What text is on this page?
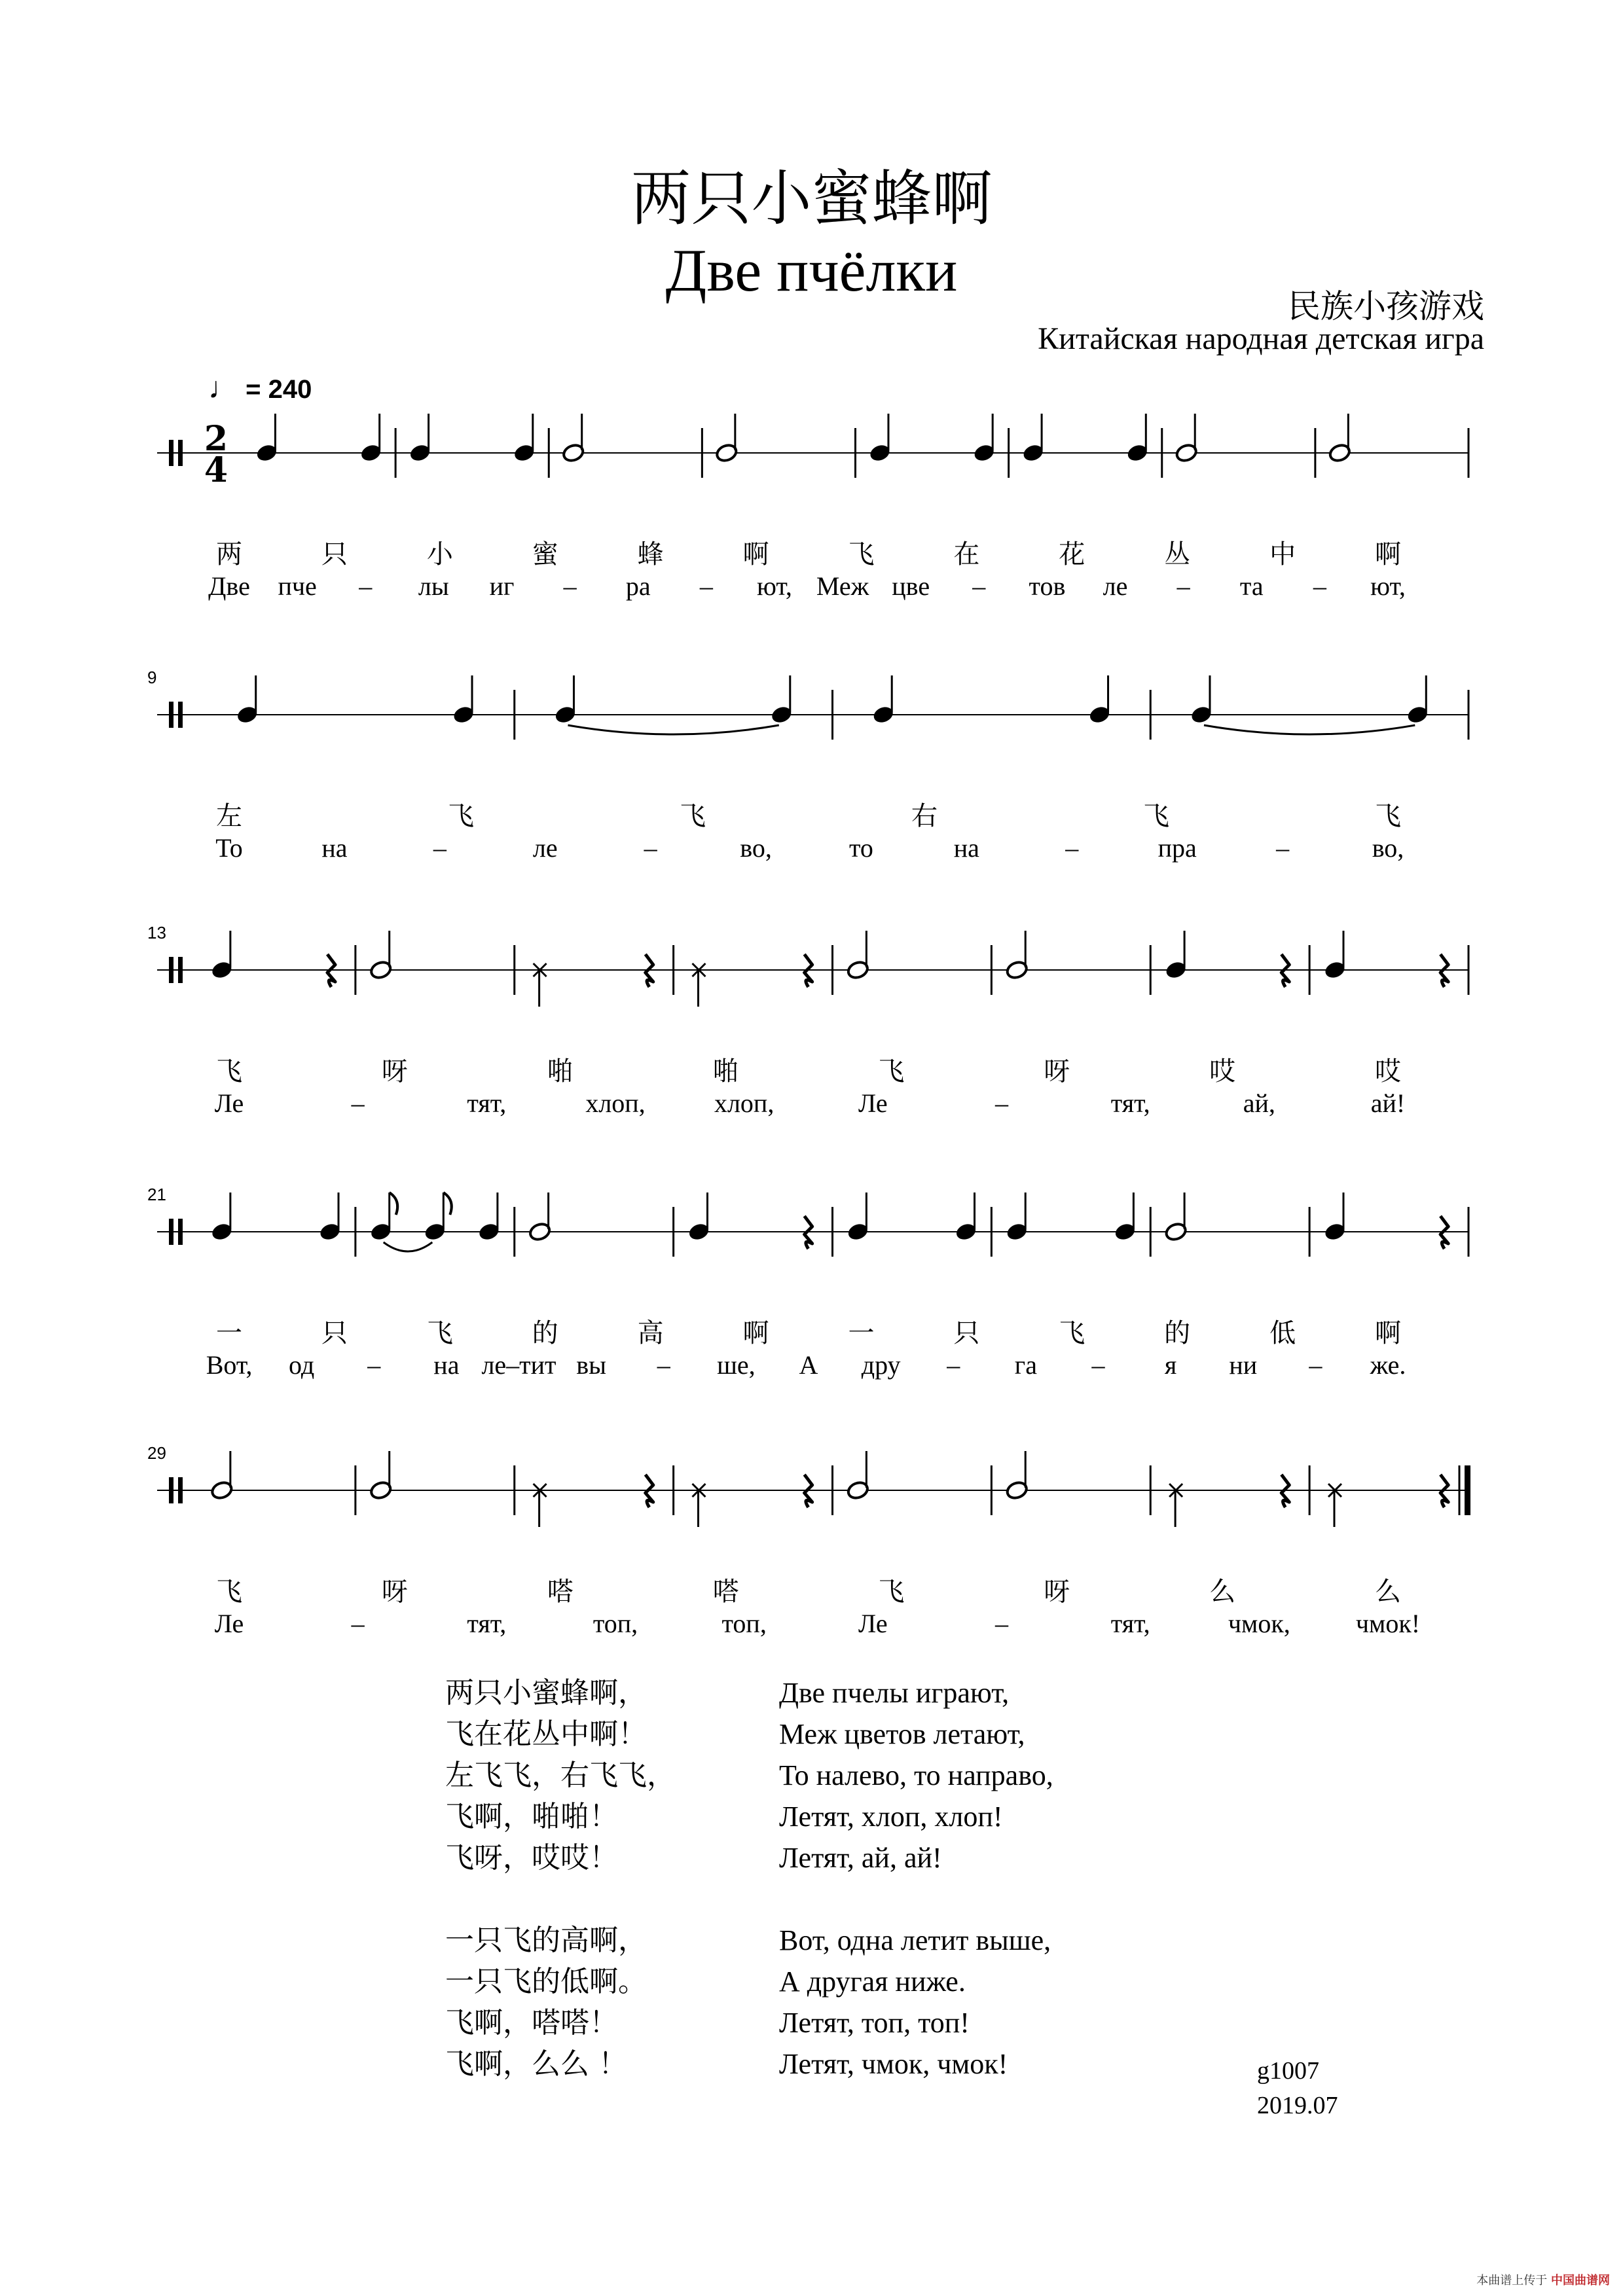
两只小蜜蜂啊
Две пчёлки
民族小孩游戏
Китайская народная детская игра
♩ = 240
2
4
两	只	小	蜜	蜂	啊	飞	在	花	丛	中	啊
Две пче – лы иг – ра – ют, Меж цве – тов ле – та – ют,
9
左	飞	飞	右	飞	飞
То	на	–	ле	–	во,	то	на	–	пра	–	во,
13
飞	呀	啪	啪	飞	呀	哎	哎
Ле	–	тят,	хлоп,	хлоп,	Ле	–	тят,	ай,	ай!
21
一	只	飞	的	高	啊	一	只	飞	的	低	啊
Вот, од – на ле–тит вы – ше, А дру – га – я ни – же.
29
飞	呀	嗒	嗒	飞	呀	么	么
Ле	–	тят,	топ,	топ,	Ле	–	тят,	чмок,	чмок!
两只小蜜蜂啊，
飞在花丛中啊！
左飞飞，右飞飞，
飞啊，啪啪！
飞呀，哎哎！
一只飞的高啊，
一只飞的低啊。
飞啊，嗒嗒！
飞啊，么么 ！
Две пчелы играют,
Меж цветов летают,
То налево, то направо,
Летят, хлоп, хлоп!
Летят, ай, ай!
Вот, одна летит выше,
А другая ниже.
Летят, топ, топ!
Летят, чмок, чмок!	g1007
2019.07
本曲谱上传于 中国曲谱网
